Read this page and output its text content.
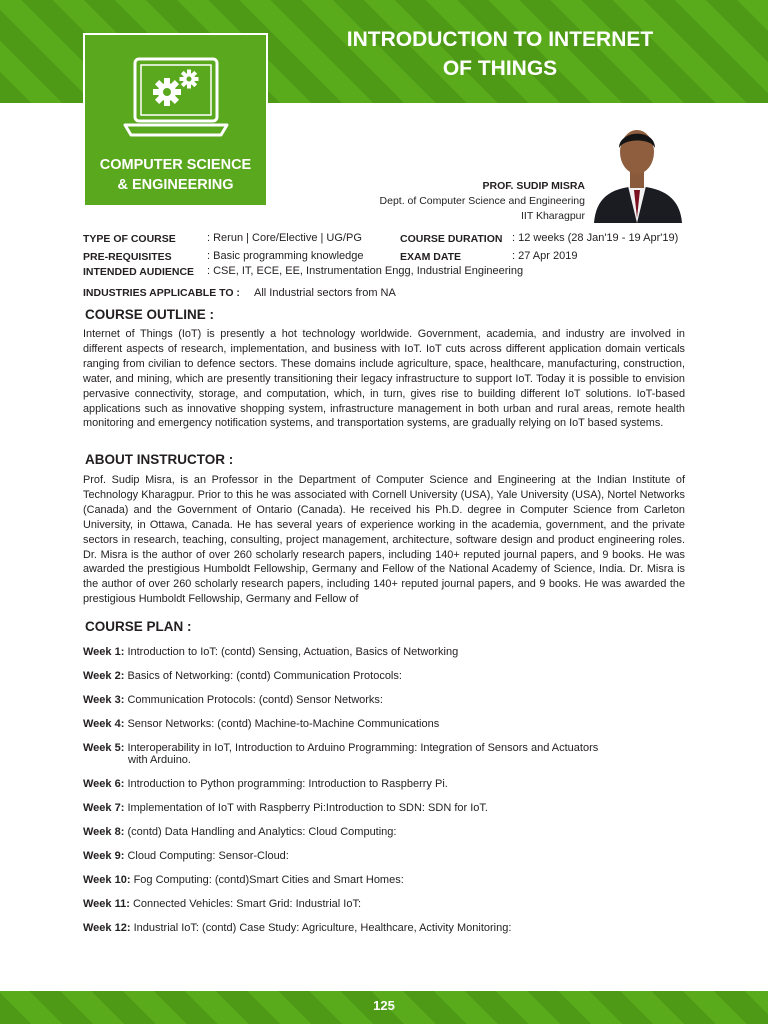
COMPUTER SCIENCE
& ENGINEERING
INTRODUCTION TO INTERNET
OF THINGS
PROF. SUDIP MISRA
Dept. of Computer Science and Engineering
IIT Kharagpur
TYPE OF COURSE	: Rerun | Core/Elective | UG/PG
PRE-REQUISITES	: Basic programming knowledge
INTENDED AUDIENCE : CSE, IT, ECE, EE, Instrumentation Engg, Industrial Engineering
INDUSTRIES APPLICABLE TO : All Industrial sectors from NA
COURSE DURATION : 12 weeks (28 Jan'19 - 19 Apr'19)
EXAM DATE	: 27 Apr 2019
COURSE OUTLINE :
Internet of Things (IoT) is presently a hot technology worldwide. Government, academia, and industry are involved in different aspects of research, implementation, and business with IoT. IoT cuts across different application domain verticals ranging from civilian to defence sectors. These domains include agriculture, space, healthcare, manufacturing, construction, water, and mining, which are presently transitioning their legacy infrastructure to support IoT. Today it is possible to envision pervasive connectivity, storage, and computation, which, in turn, gives rise to building different IoT solutions. IoT-based applications such as innovative shopping system, infrastructure management in both urban and rural areas, remote health monitoring and emergency notification systems, and transportation systems, are gradually relying on IoT based systems.
ABOUT INSTRUCTOR :
Prof. Sudip Misra, is an Professor in the Department of Computer Science and Engineering at the Indian Institute of Technology Kharagpur. Prior to this he was associated with Cornell University (USA), Yale University (USA), Nortel Networks (Canada) and the Government of Ontario (Canada). He received his Ph.D. degree in Computer Science from Carleton University, in Ottawa, Canada. He has several years of experience working in the academia, government, and the private sectors in research, teaching, consulting, project management, architecture, software design and product engineering roles. Dr. Misra is the author of over 260 scholarly research papers, including 140+ reputed journal papers, and 9 books. He was awarded the prestigious Humboldt Fellowship, Germany and Fellow of the National Academy of Science, India. Dr. Misra is the author of over 260 scholarly research papers, including 140+ reputed journal papers, and 9 books. He was awarded the prestigious Humboldt Fellowship, Germany and Fellow of
COURSE PLAN :
Week 1: Introduction to IoT: (contd) Sensing, Actuation, Basics of Networking
Week 2: Basics of Networking: (contd) Communication Protocols:
Week 3: Communication Protocols: (contd) Sensor Networks:
Week 4: Sensor Networks: (contd) Machine-to-Machine Communications
Week 5: Interoperability in IoT, Introduction to Arduino Programming: Integration of Sensors and Actuators
with Arduino.
Week 6: Introduction to Python programming: Introduction to Raspberry Pi.
Week 7: Implementation of IoT with Raspberry Pi:Introduction to SDN: SDN for IoT.
Week 8: (contd) Data Handling and Analytics: Cloud Computing:
Week 9: Cloud Computing: Sensor-Cloud:
Week 10: Fog Computing: (contd)Smart Cities and Smart Homes:
Week 11: Connected Vehicles: Smart Grid: Industrial IoT:
Week 12: Industrial IoT: (contd) Case Study: Agriculture, Healthcare, Activity Monitoring:
125
